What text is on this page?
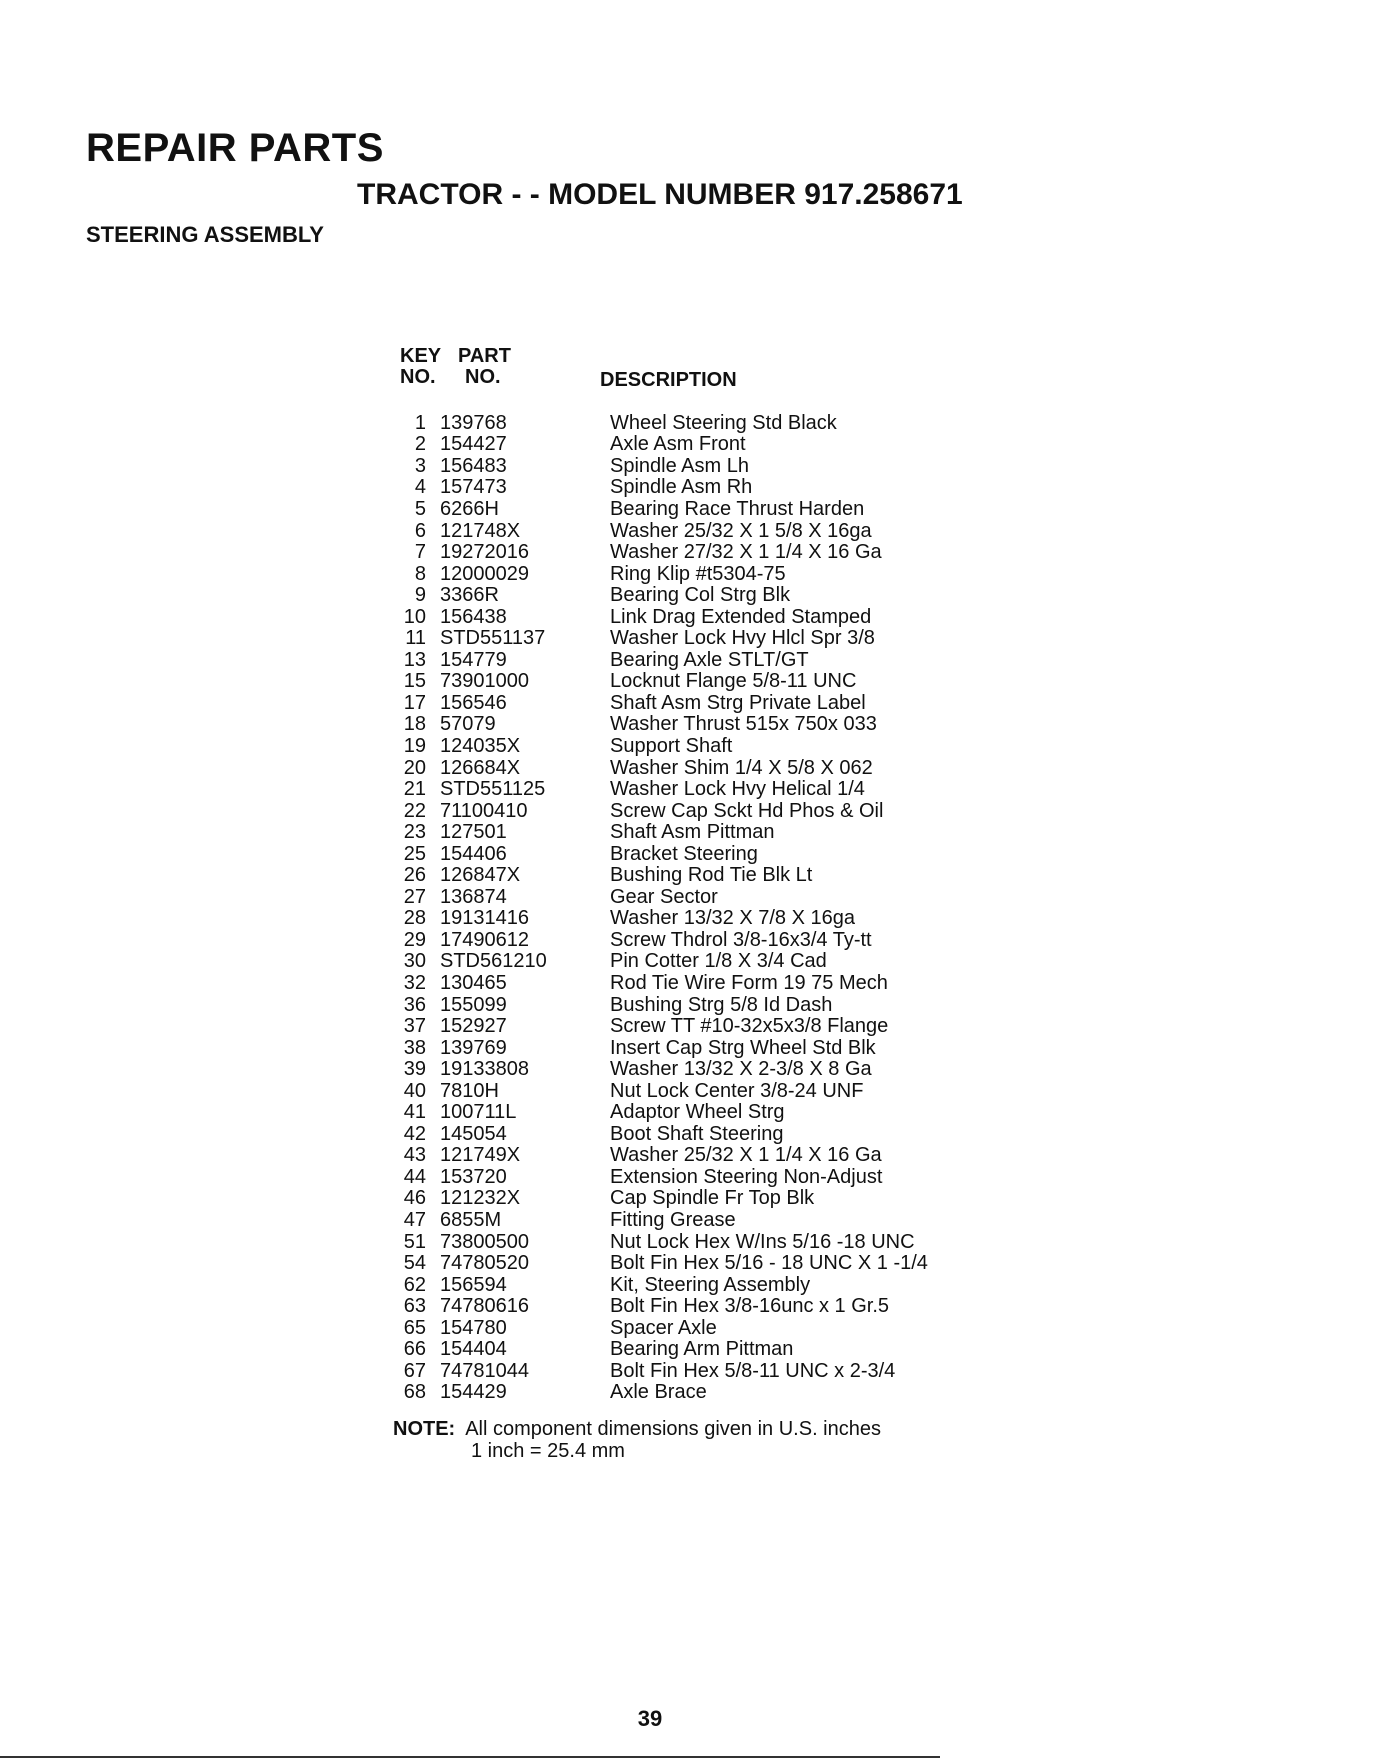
REPAIR PARTS
TRACTOR - - MODEL NUMBER 917.258671
STEERING ASSEMBLY
KEY
NO.
PART
NO.	DESCRIPTION
1 139768	Wheel Steering Std Black
2 154427	Axle Asm Front
3 156483	Spindle Asm Lh
4 157473	Spindle Asm Rh
5 6266H	Bearing Race Thrust Harden
6 121748X	Washer 25/32 X 1 5/8 X 16ga
7 19272016	Washer 27/32 X 1 1/4 X 16 Ga
8 12000029	Ring Klip #t5304-75
9 3366R	Bearing Col Strg Blk
10 156438	Link Drag Extended Stamped
11 STD551137	Washer Lock Hvy Hlcl Spr 3/8
13 154779	Bearing Axle STLT/GT
15 73901000	Locknut Flange 5/8-11 UNC
17 156546	Shaft Asm Strg Private Label
18 57079	Washer Thrust 515x 750x 033
19 124035X	Support Shaft
20 126684X	Washer Shim 1/4 X 5/8 X 062
21 STD551125	Washer Lock Hvy Helical 1/4
22 71100410	Screw Cap Sckt Hd Phos & Oil
23 127501	Shaft Asm Pittman
25 154406	Bracket Steering
26 126847X	Bushing Rod Tie Blk Lt
27 136874	Gear Sector
28 19131416	Washer 13/32 X 7/8 X 16ga
29 17490612	Screw Thdrol 3/8-16x3/4 Ty-tt
30 STD561210	Pin Cotter 1/8 X 3/4 Cad
32 130465	Rod Tie Wire Form 19 75 Mech
36 155099	Bushing Strg 5/8 Id Dash
37 152927	Screw TT #10-32x5x3/8 Flange
38 139769	Insert Cap Strg Wheel Std Blk
39 19133808	Washer 13/32 X 2-3/8 X 8 Ga
40 7810H	Nut Lock Center 3/8-24 UNF
41 100711L	Adaptor Wheel Strg
42 145054	Boot Shaft Steering
43 121749X	Washer 25/32 X 1 1/4 X 16 Ga
44 153720	Extension Steering Non-Adjust
46 121232X	Cap Spindle Fr Top Blk
47 6855M	Fitting Grease
51 73800500	Nut Lock Hex W/Ins 5/16 -18 UNC
54 74780520	Bolt Fin Hex 5/16 - 18 UNC X 1 -1/4
62 156594	Kit, Steering Assembly
63 74780616	Bolt Fin Hex 3/8-16unc x 1 Gr.5
65 154780	Spacer Axle
66 154404	Bearing Arm Pittman
67 74781044	Bolt Fin Hex 5/8-11 UNC x 2-3/4
68 154429	Axle Brace
NOTE: All component dimensions given in U.S. inches
1 inch = 25.4 mm
39
